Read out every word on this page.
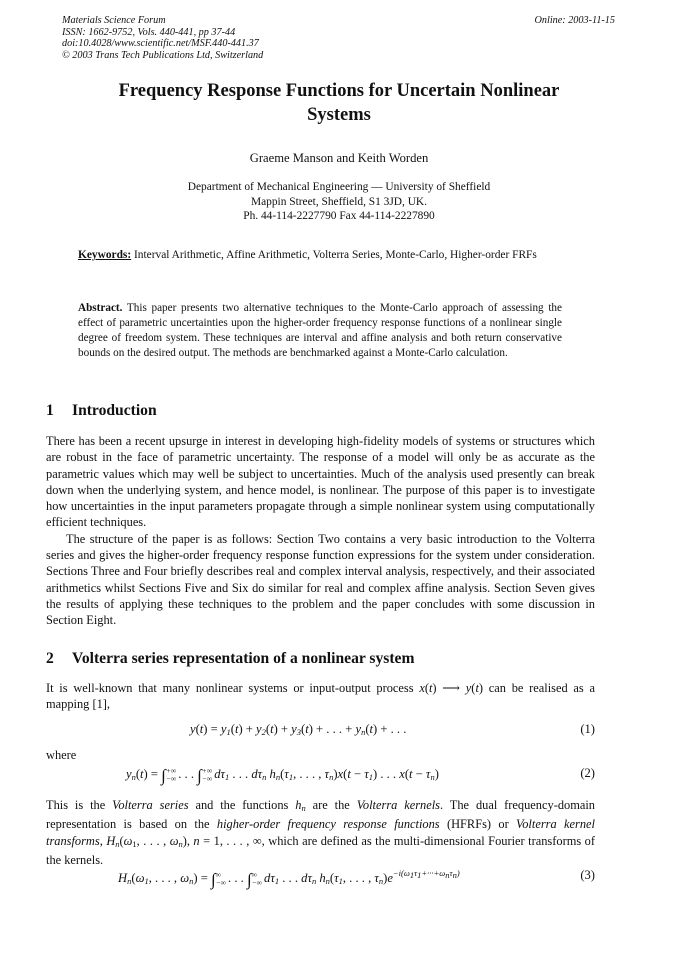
Materials Science Forum
ISSN: 1662-9752, Vols. 440-441, pp 37-44
doi:10.4028/www.scientific.net/MSF.440-441.37
© 2003 Trans Tech Publications Ltd, Switzerland
Online: 2003-11-15
Frequency Response Functions for Uncertain Nonlinear
Systems
Graeme Manson and Keith Worden
Department of Mechanical Engineering — University of Sheffield
Mappin Street, Sheffield, S1 3JD, UK.
Ph. 44-114-2227790 Fax 44-114-2227890
Keywords: Interval Arithmetic, Affine Arithmetic, Volterra Series, Monte-Carlo, Higher-order FRFs
Abstract. This paper presents two alternative techniques to the Monte-Carlo approach of assessing the effect of parametric uncertainties upon the higher-order frequency response functions of a nonlinear single degree of freedom system. These techniques are interval and affine analysis and both return conservative bounds on the desired output. The methods are benchmarked against a Monte-Carlo calculation.
1 Introduction

There has been a recent upsurge in interest in developing high-fidelity models of systems or structures which are robust in the face of parametric uncertainty. The response of a model will only be as accurate as the parametric values which may well be subject to uncertainties. Much of the analysis used presently can break down when the underlying system, and hence model, is nonlinear. The purpose of this paper is to investigate how uncertainties in the input parameters propagate through a simple nonlinear system using computationally efficient techniques.

The structure of the paper is as follows: Section Two contains a very basic introduction to the Volterra series and gives the higher-order frequency response function expressions for the system under consideration. Sections Three and Four briefly describes real and complex interval analysis, respectively, and their associated arithmetics whilst Sections Five and Six do similar for real and complex affine analysis. Section Seven gives the results of applying these techniques to the problem and the paper concludes with some discussion in Section Eight.

2 Volterra series representation of a nonlinear system

It is well-known that many nonlinear systems or input-output process x(t) ⟶ y(t) can be realised as a mapping [1],

$y(t) = y_1(t) + y_2(t) + y_3(t)$ + . . . + $y_n(t)$ + . . .	(1)
where
$y_n(t)$ = ∫+∞
−∞ . . . ∫+∞
−∞ $d\tau_1$ . . . $d\tau_n$ $h_n(\tau_1$, . . . , $\tau_n)x(t - \tau_1)$ . . . $x(t - \tau_n)$	(2)

This is the Volterra series and the functions $h_n$ are the Volterra kernels. The dual frequency-domain representation is based on the higher-order frequency response functions (HFRFs) or Volterra kernel transforms, $H_n(\omega_1$, . . . , $\omega_n$), n = 1, . . . , ∞, which are defined as the multi-dimensional Fourier transforms of the kernels.

$H_n(\omega_1$, . . . , $\omega_n$) = ∫∞
−∞ . . . ∫∞
−∞ $d\tau_1$ . . . $d\tau_n$ $h_n(\tau_1$, . . . , $\tau_n)e^{-i(\omega_1\tau_1+\cdot\cdot\cdot+\omega_n\tau_n)}$	(3)
